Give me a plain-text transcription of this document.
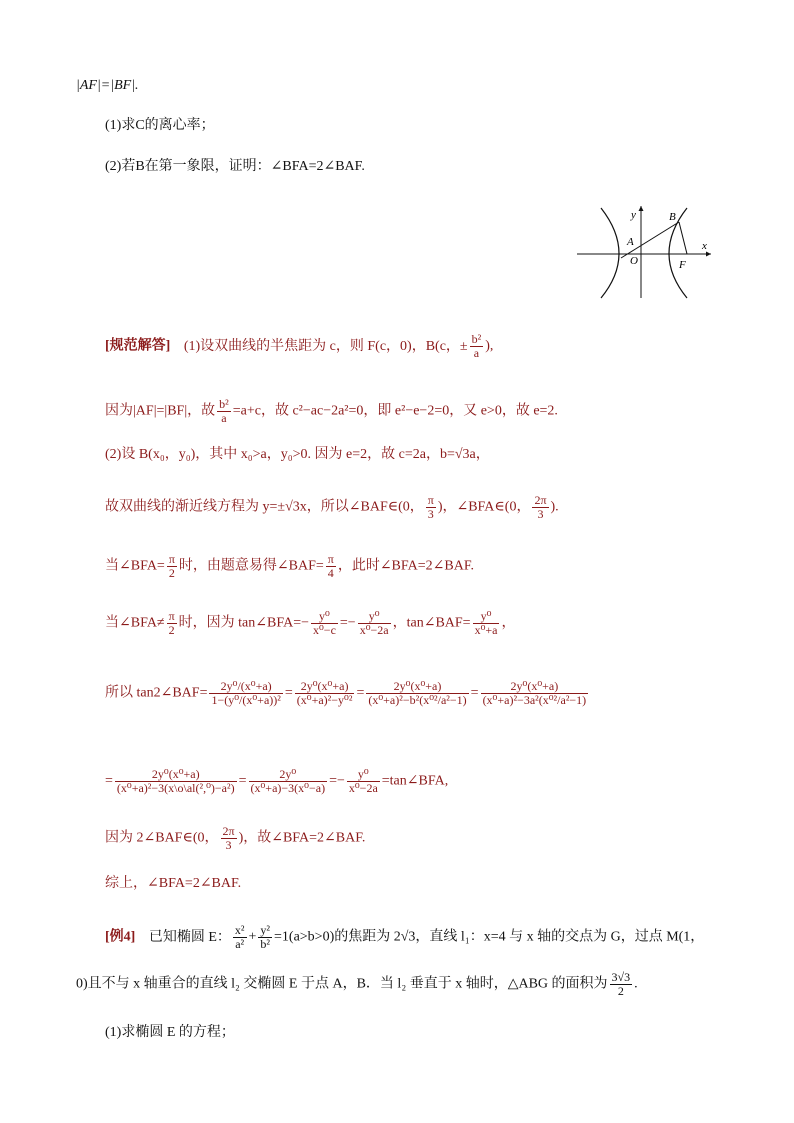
|AF|=|BF|.
(1)求C的离心率；
(2)若B在第一象限，证明：∠BFA=2∠BAF.
y
x
B
A
O	F
[规范解答] (1)设双曲线的半焦距为 c，则 F(c，0)，B(c，± $\frac{\text{b²}}{a}$ ),
因为|AF|=|BF|，故 $\frac{\text{b²}}{a} =a+c$，故 c²−ac−2a²=0，即 e²−e−2=0，又 e>0，故 e=2.
(2)设 B(x₀，y₀)，其中 x₀>a，y₀>0. 因为 e=2，故 c=2a，b=√3a，
故双曲线的渐近线方程为 y=±√3x，所以∠BAF∈(0， $\frac{\pi}{3}$ )，∠BFA∈(0， $\frac{2\pi}{3}$ ).
当∠BFA= $\frac{\pi}{2}$ 时，由题意易得∠BAF= $\frac{\pi}{4}$ ，此时∠BFA=2∠BAF.
当∠BFA≠ $\frac{\pi}{2}$ 时，因为 tan∠BFA=− $\frac{\text{y⁰}}{\text{x⁰−c}} =- \frac{\text{y⁰}}{\text{x⁰−2a}}$ ，tan∠BAF= $\frac{\text{y⁰}}{\text{x⁰+a}}$ ，
所以 tan2∠BAF= $\frac{\text{2y⁰/(x⁰+a)}}{\text{1−(y⁰/(x⁰+a))²}} = \frac{\text{2y⁰(x⁰+a)}}{\text{(x⁰+a)²−y⁰²}} = \frac{\text{2y⁰(x⁰+a)}}{\text{(x⁰+a)²−b²(x⁰²/a²−1)}} = \frac{\text{2y⁰(x⁰+a)}}{\text{(x⁰+a)²−3a²(x⁰²/a²−1)}}$
= $\frac{\text{2y⁰(x⁰+a)}}{\text{(x⁰+a)²−3(x\textbackslash{}o\textbackslash{}al(²,⁰)−a²)}} = \frac{\text{2y⁰}}{\text{(x⁰+a)−3(x⁰−a)}} =- \frac{\text{y⁰}}{\text{x⁰−2a}}$ =tan∠BFA,
因为 2∠BAF∈(0， $\frac{2\pi}{3}$ )，故∠BFA=2∠BAF.
综上，∠BFA=2∠BAF.
[例4] 已知椭圆 E： $\frac{\text{x²}}{\text{a²}} + \frac{\text{y²}}{\text{b²}} =1(a>b>0)$的焦距为 2√3，直线 l₁：x=4 与 x 轴的交点为 G，过点 M(1，
0)且不与 x 轴重合的直线 l₂ 交椭圆 E 于点 A，B．当 l₂ 垂直于 x 轴时，△ABG 的面积为 $\frac{3√3}{2}$ .
(1)求椭圆 E 的方程；
